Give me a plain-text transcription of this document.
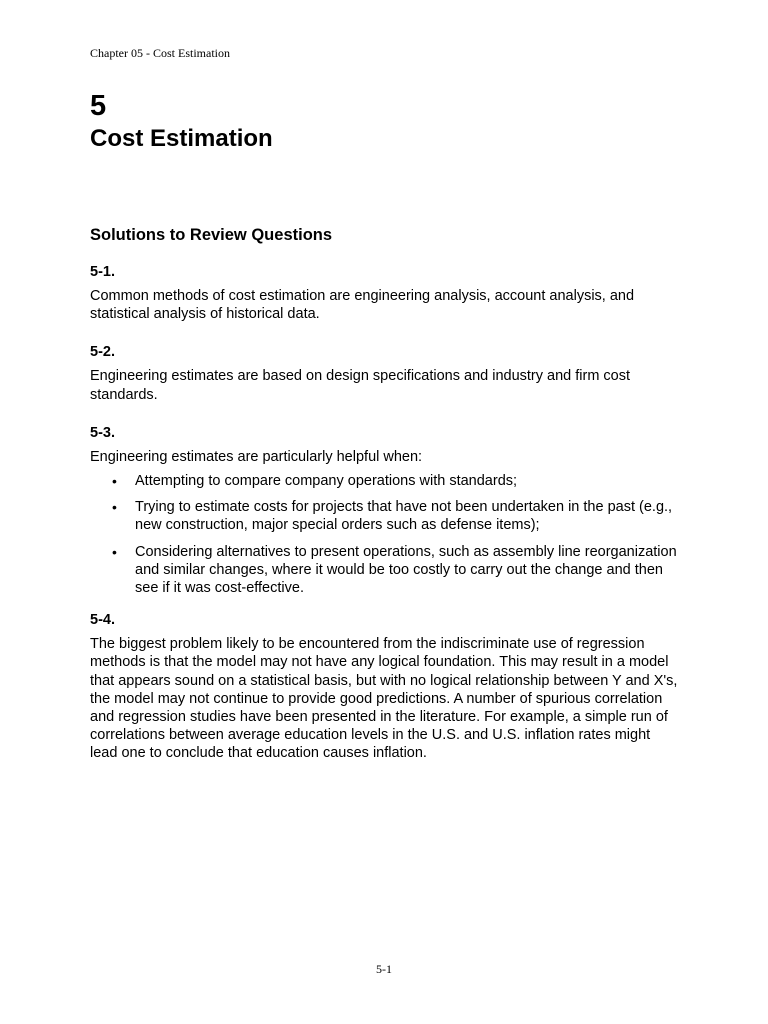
Chapter 05 - Cost Estimation
5
Cost Estimation
Solutions to Review Questions
5-1.

Common methods of cost estimation are engineering analysis, account analysis, and statistical analysis of historical data.

5-2.

Engineering estimates are based on design specifications and industry and firm cost standards.

5-3.

Engineering estimates are particularly helpful when:

• Attempting to compare company operations with standards;
• Trying to estimate costs for projects that have not been undertaken in the past (e.g., new construction, major special orders such as defense items);
• Considering alternatives to present operations, such as assembly line reorganization and similar changes, where it would be too costly to carry out the change and then see if it was cost-effective.
5-4.

The biggest problem likely to be encountered from the indiscriminate use of regression methods is that the model may not have any logical foundation. This may result in a model that appears sound on a statistical basis, but with no logical relationship between Y and X's, the model may not continue to provide good predictions. A number of spurious correlation and regression studies have been presented in the literature. For example, a simple run of correlations between average education levels in the U.S. and U.S. inflation rates might lead one to conclude that education causes inflation.

5-1
